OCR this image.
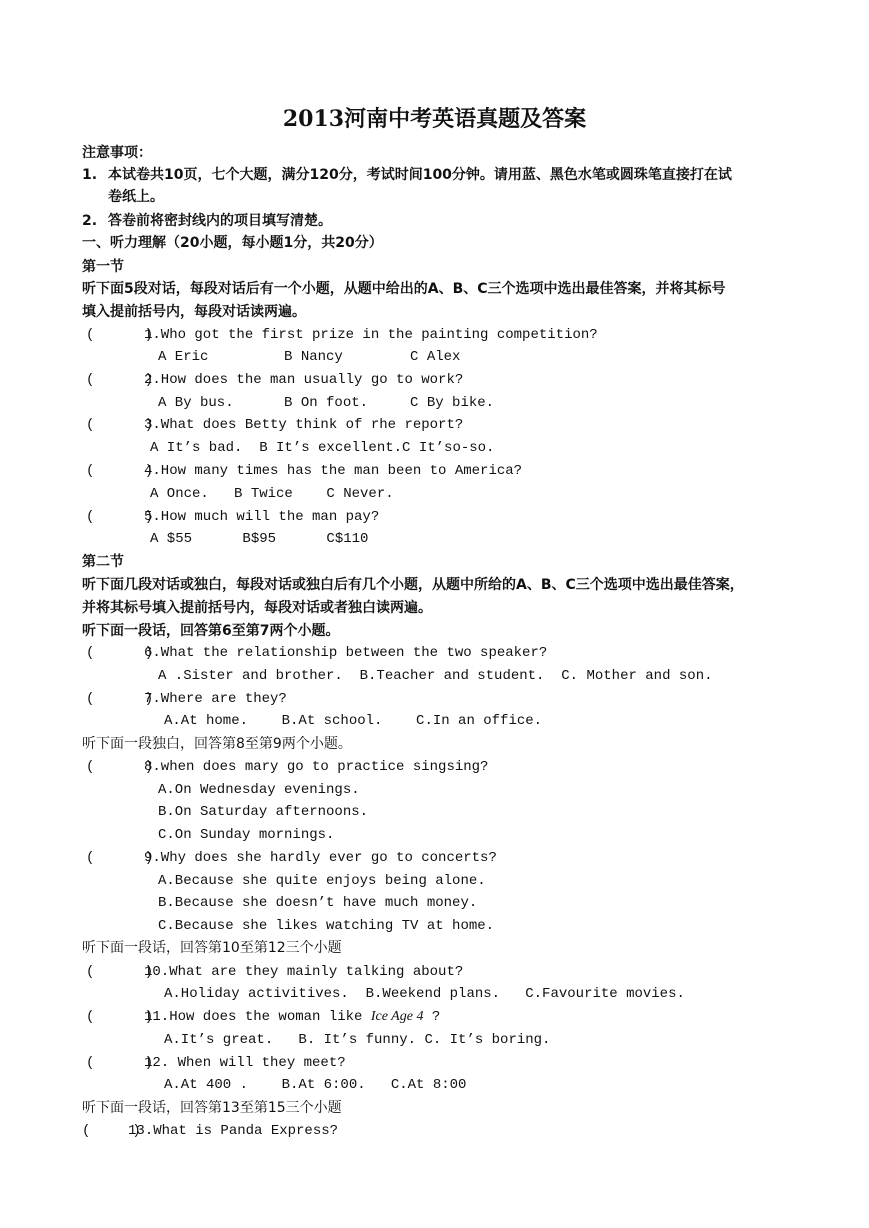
2013河南中考英语真题及答案
注意事项：
1. 本试卷共10页，七个大题，满分120分，考试时间100分钟。请用蓝、黑色水笔或圆珠笔直接打在试
卷纸上。
2. 答卷前将密封线内的项目填写清楚。
一、听力理解（20小题，每小题1分，共20分）
第一节
听下面5段对话，每段对话后有一个小题，从题中给出的A、B、C三个选项中选出最佳答案，并将其标号
填入提前括号内，每段对话读两遍。
(      )
1.Who got the first prize in the painting competition?
A Eric         B Nancy        C Alex
(      )
2.How does the man usually go to work?
A By bus.      B On foot.     C By bike.
(      )
3.What does Betty think of rhe report?
A It’s bad.  B It’s excellent.C It’so-so.
(      )
4.How many times has the man been to America?
A Once.   B Twice    C Never.
(      )
5.How much will the man pay?
A $55      B$95      C$110
第二节
听下面几段对话或独白，每段对话或独白后有几个小题，从题中所给的A、B、C三个选项中选出最佳答案，
并将其标号填入提前括号内，每段对话或者独白读两遍。
听下面一段话，回答第6至第7两个小题。
(      )
6.What the relationship between the two speaker?
A .Sister and brother.  B.Teacher and student.  C. Mother and son.
(      )
7.Where are they?
A.At home.    B.At school.    C.In an office.
听下面一段独白，回答第8至第9两个小题。
(      )
8.when does mary go to practice singsing?
A.On Wednesday evenings.
B.On Saturday afternoons.
C.On Sunday mornings.
(      )
9.Why does she hardly ever go to concerts?
A.Because she quite enjoys being alone.
B.Because she doesn’t have much money.
C.Because she likes watching TV at home.
听下面一段话，回答第10至第12三个小题
(      )
10.What are they mainly talking about?
A.Holiday activitives.  B.Weekend plans.   C.Favourite movies.
(      )
11.How does the woman like Ice Age 4 ?
A.It’s great.   B. It’s funny. C. It’s boring.
(      )
12. When will they meet?
A.At 400 .    B.At 6:00.   C.At 8:00
听下面一段话，回答第13至第15三个小题
(     )
13.What is Panda Express?
